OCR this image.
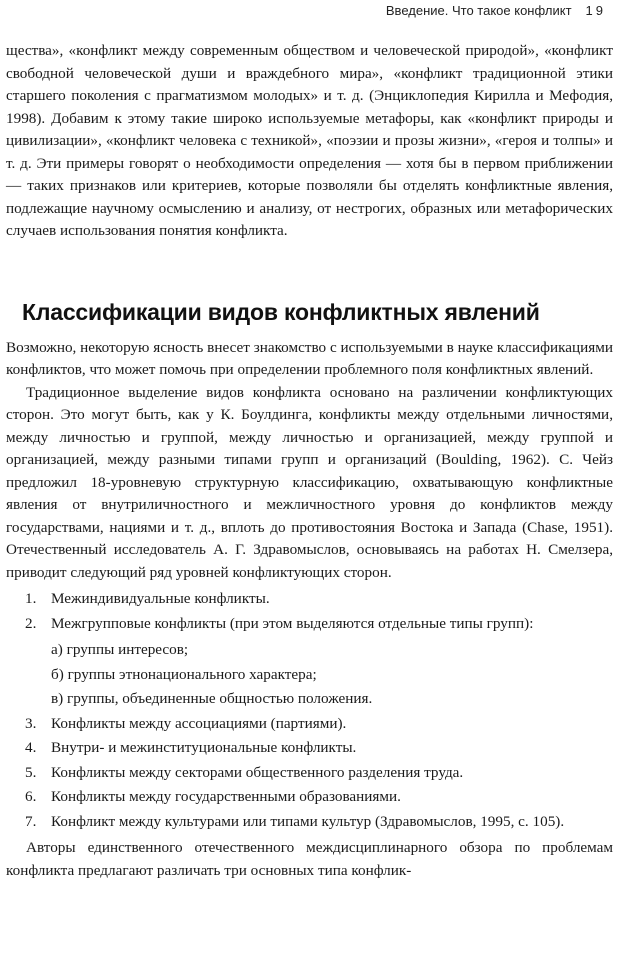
Введение. Что такое конфликт 19

щества», «конфликт между современным обществом и человеческой природой», «конфликт свободной человеческой души и враждебного мира», «конфликт традиционной этики старшего поколения с прагматизмом молодых» и т. д. (Энциклопедия Кирилла и Мефодия, 1998). Добавим к этому такие широко используемые метафоры, как «конфликт природы и цивилизации», «конфликт человека с техникой», «поэзии и прозы жизни», «героя и толпы» и т. д. Эти примеры говорят о необходимости определения — хотя бы в первом приближении — таких признаков или критериев, которые позволяли бы отделять конфликтные явления, подлежащие научному осмыслению и анализу, от нестрогих, образных или метафорических случаев использования понятия конфликта.

Классификации видов конфликтных явлений

Возможно, некоторую ясность внесет знакомство с используемыми в науке классификациями конфликтов, что может помочь при определении проблемного поля конфликтных явлений.

Традиционное выделение видов конфликта основано на различении конфликтующих сторон. Это могут быть, как у К. Боулдинга, конфликты между отдельными личностями, между личностью и группой, между личностью и организацией, между группой и организацией, между разными типами групп и организаций (Boulding, 1962). С. Чейз предложил 18-уровневую структурную классификацию, охватывающую конфликтные явления от внутриличностного и межличностного уровня до конфликтов между государствами, нациями и т. д., вплоть до противостояния Востока и Запада (Chase, 1951). Отечественный исследователь А. Г. Здравомыслов, основываясь на работах Н. Смелзера, приводит следующий ряд уровней конфликтующих сторон.

1. Межиндивидуальные конфликты.
2. Межгрупповые конфликты (при этом выделяются отдельные типы групп):
а) группы интересов;
б) группы этнонационального характера;
в) группы, объединенные общностью положения.
3. Конфликты между ассоциациями (партиями).
4. Внутри- и межинституциональные конфликты.
5. Конфликты между секторами общественного разделения труда.
6. Конфликты между государственными образованиями.
7. Конфликт между культурами или типами культур (Здравомыслов, 1995, с. 105).

Авторы единственного отечественного междисциплинарного обзора по проблемам конфликта предлагают различать три основных типа конфлик-
